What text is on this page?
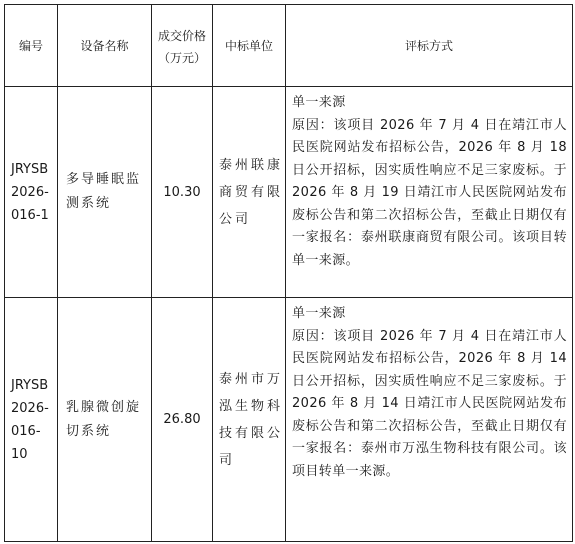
编号	设备名称	成交价格（万元）	中标单位	评标方式
JRYSB 2026-016-1	多导睡眠监测系统	10.30	泰州联康商贸有限公司	单一来源
原因：该项目 2026 年 7 月 4 日在靖江市人民医院网站发布招标公告，2026 年 8 月 18 日公开招标，因实质性响应不足三家废标。于 2026 年 8 月 19 日靖江市人民医院网站发布废标公告和第二次招标公告，至截止日期仅有一家报名：泰州联康商贸有限公司。该项目转单一来源。

JRYSB 2026-016-10	乳腺微创旋切系统	26.80	泰州市万泓生物科技有限公司	单一来源
原因：该项目 2026 年 7 月 4 日在靖江市人民医院网站发布招标公告，2026 年 8 月 14 日公开招标，因实质性响应不足三家废标。于 2026 年 8 月 14 日靖江市人民医院网站发布废标公告和第二次招标公告，至截止日期仅有一家报名：泰州市万泓生物科技有限公司。该项目转单一来源。
